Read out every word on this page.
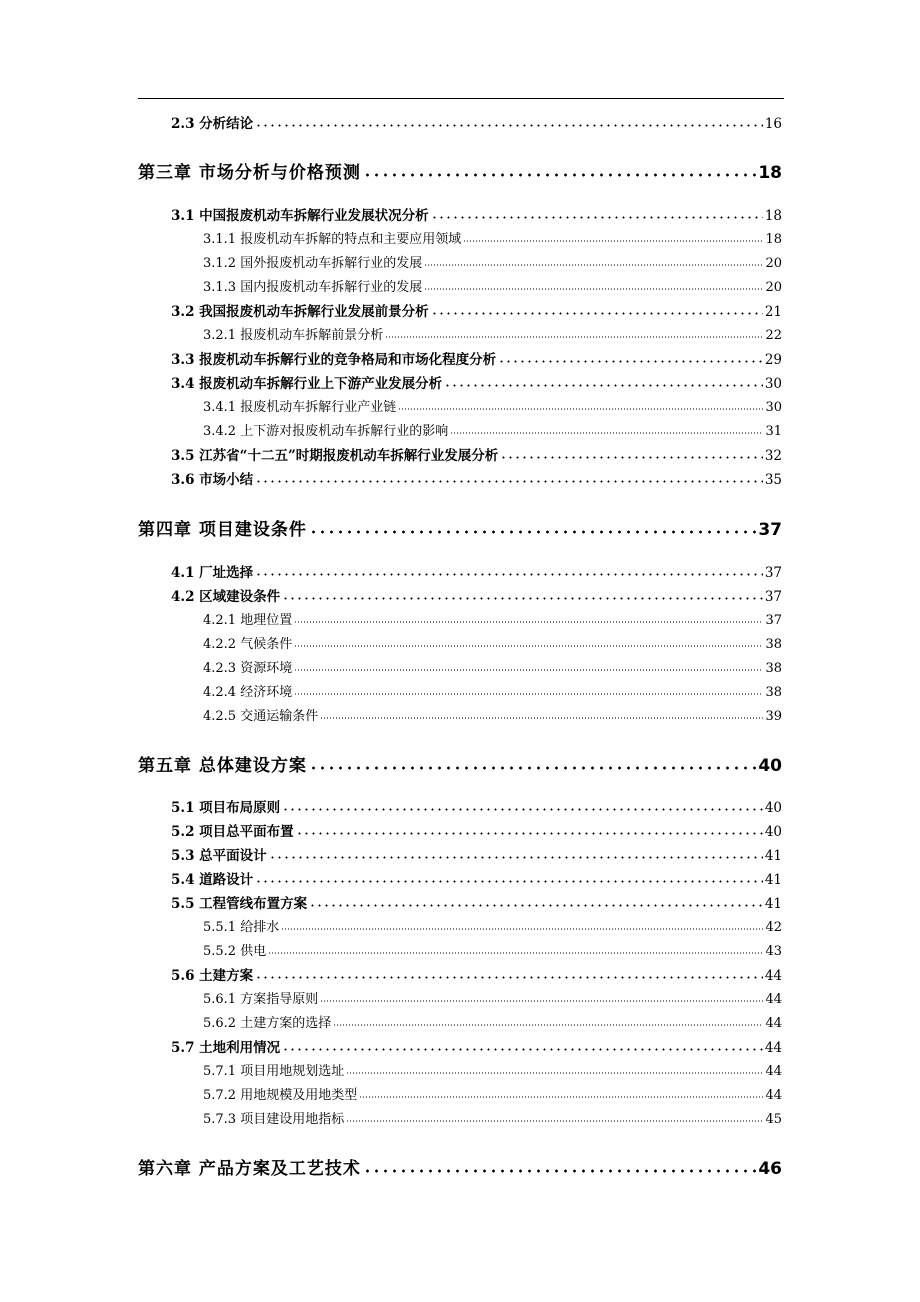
2.3 分析结论	16
第三章 市场分析与价格预测	18
3.1 中国报废机动车拆解行业发展状况分析	18
3.1.1 报废机动车拆解的特点和主要应用领域	18
3.1.2 国外报废机动车拆解行业的发展	20
3.1.3 国内报废机动车拆解行业的发展	20
3.2 我国报废机动车拆解行业发展前景分析	21
3.2.1 报废机动车拆解前景分析	22
3.3 报废机动车拆解行业的竞争格局和市场化程度分析	29
3.4 报废机动车拆解行业上下游产业发展分析	30
3.4.1 报废机动车拆解行业产业链	30
3.4.2 上下游对报废机动车拆解行业的影响	31
3.5 江苏省“十二五”时期报废机动车拆解行业发展分析	32
3.6 市场小结	35
第四章 项目建设条件	37
4.1 厂址选择	37
4.2 区域建设条件	37
4.2.1 地理位置	37
4.2.2 气候条件	38
4.2.3 资源环境	38
4.2.4 经济环境	38
4.2.5 交通运输条件	39
第五章 总体建设方案	40
5.1 项目布局原则	40
5.2 项目总平面布置	40
5.3 总平面设计	41
5.4 道路设计	41
5.5 工程管线布置方案	41
5.5.1 给排水	42
5.5.2 供电	43
5.6 土建方案	44
5.6.1 方案指导原则	44
5.6.2 土建方案的选择	44
5.7 土地利用情况	44
5.7.1 项目用地规划选址	44
5.7.2 用地规模及用地类型	44
5.7.3 项目建设用地指标	45
第六章 产品方案及工艺技术	46
